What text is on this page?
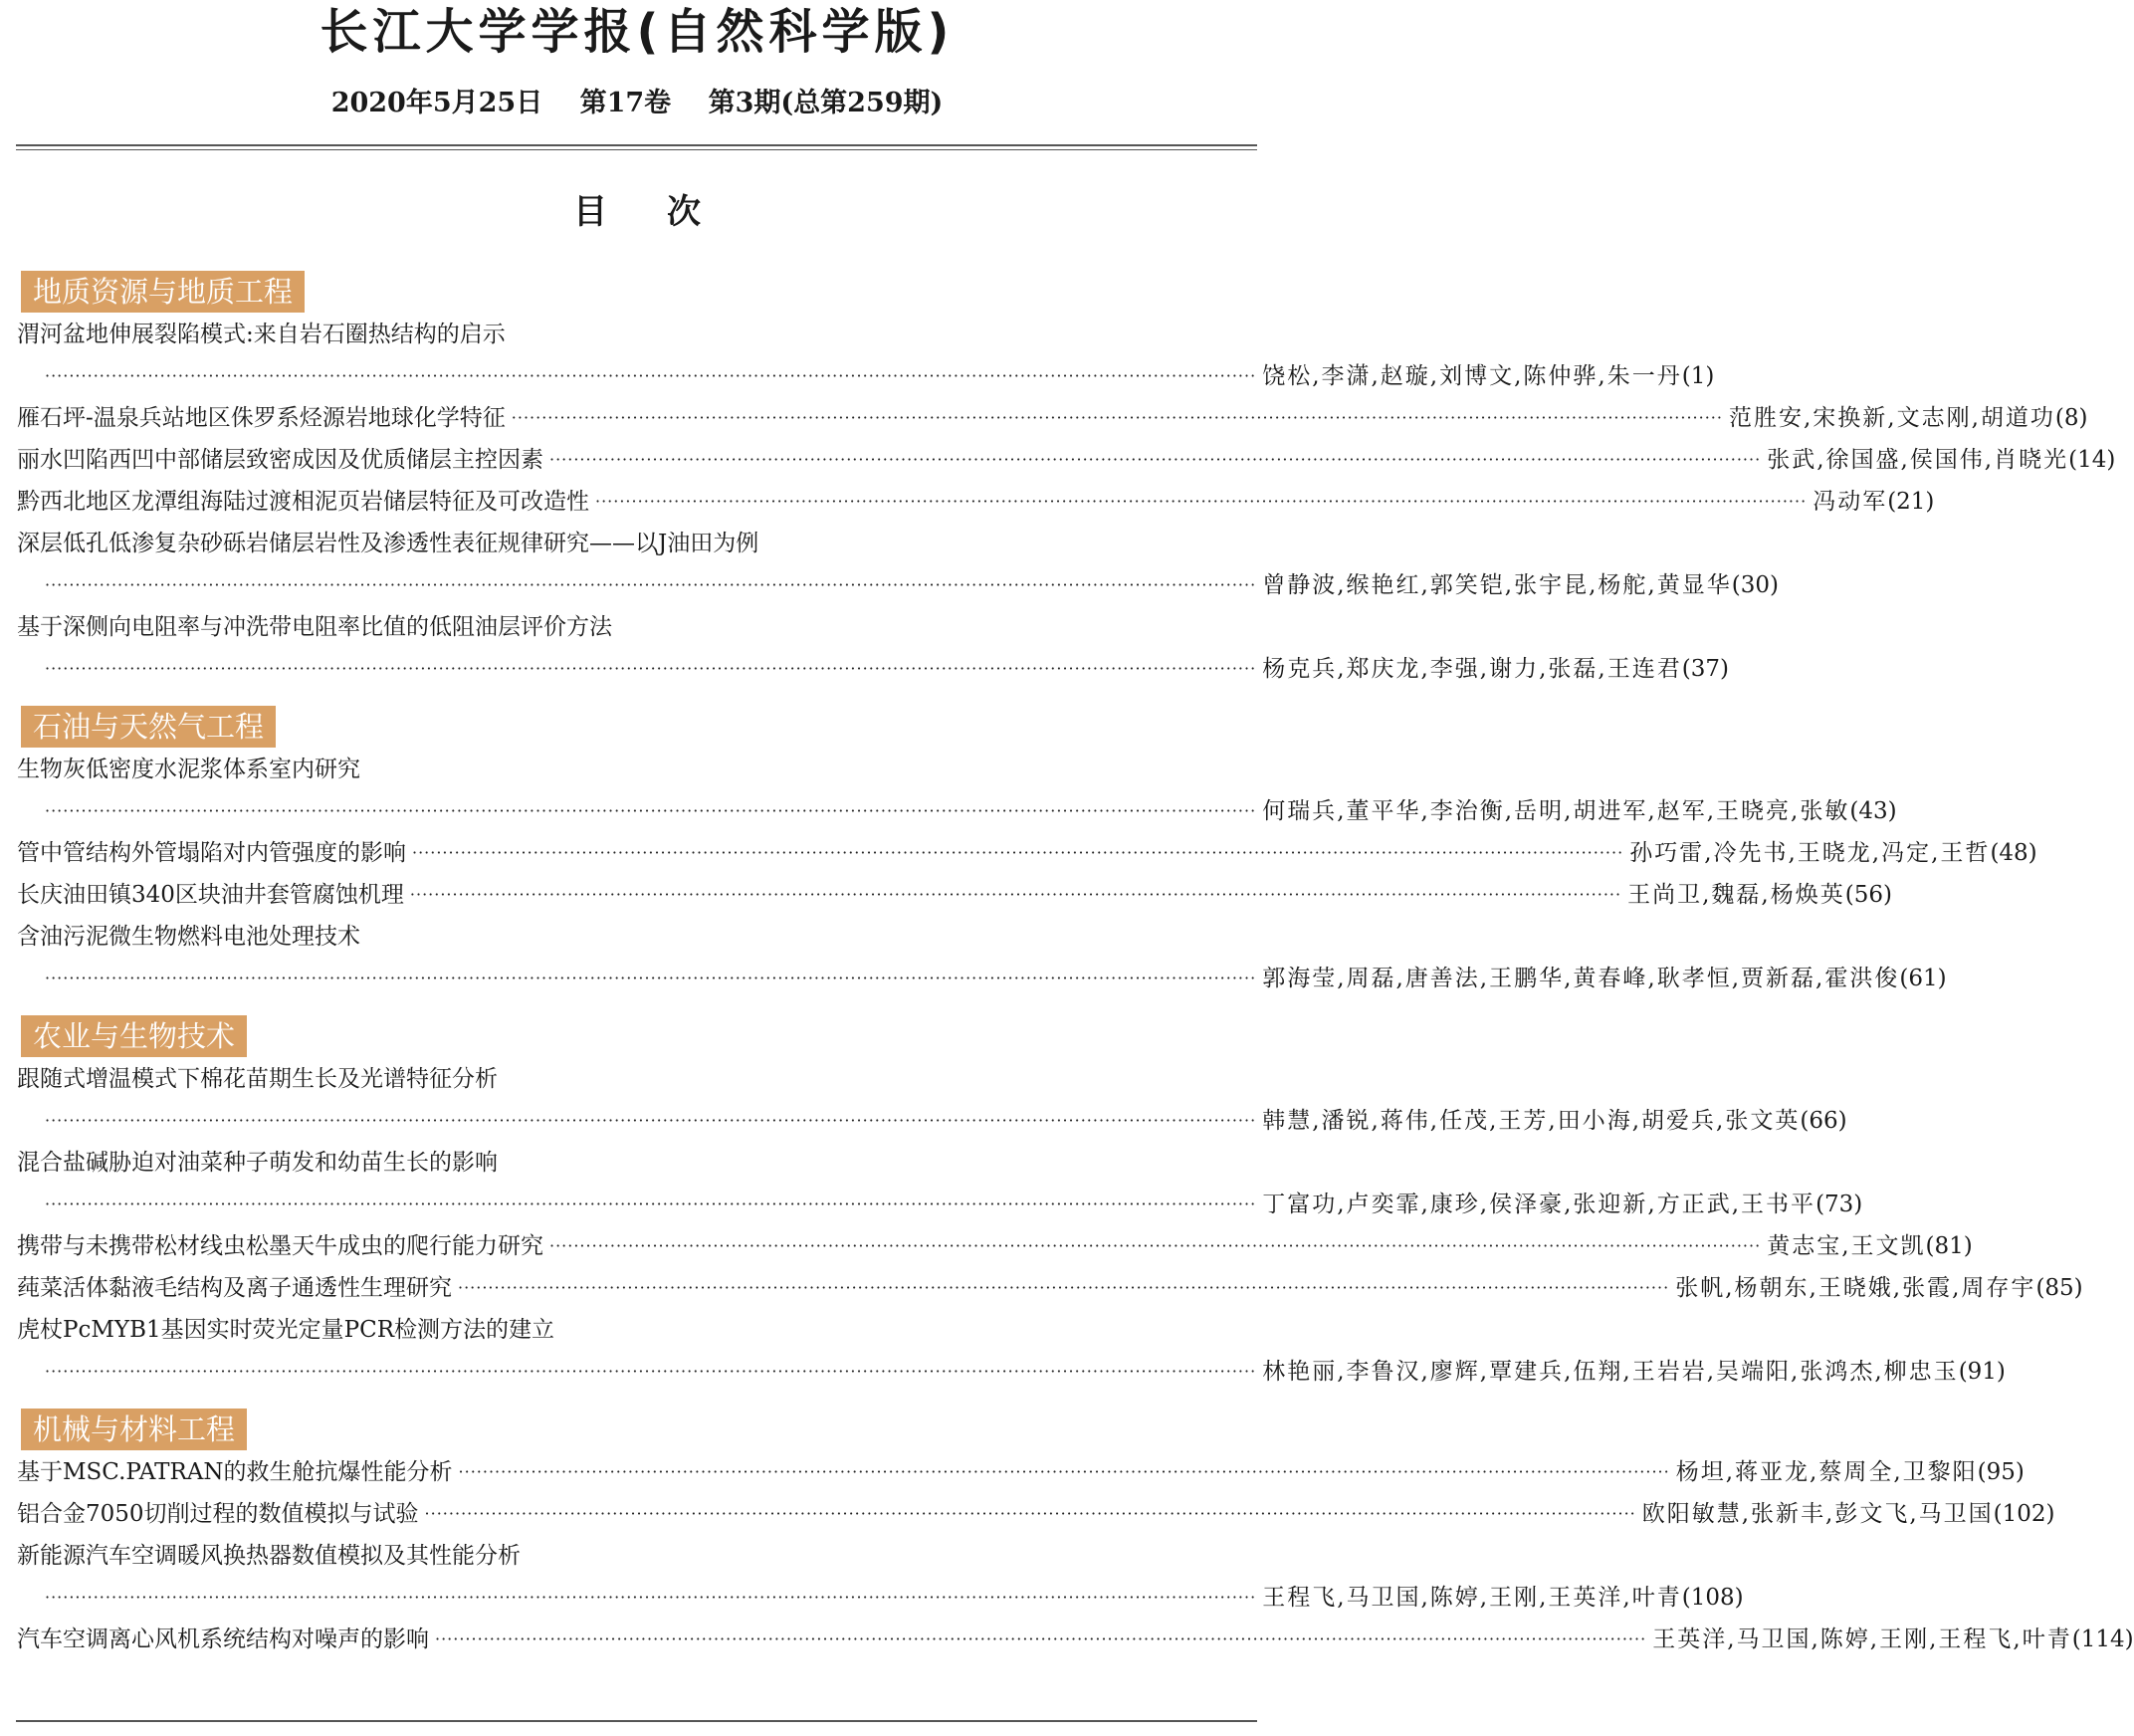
长江大学学报(自然科学版)
2020年5月25日 第17卷 第3期(总第259期)
目次
地质资源与地质工程
渭河盆地伸展裂陷模式:来自岩石圈热结构的启示
········································································································································································································ 饶松,李潇,赵璇,刘博文,陈仲骅,朱一丹 (1)
雁石坪-温泉兵站地区侏罗系烃源岩地球化学特征 ········································································································································································································ 范胜安,宋换新,文志刚,胡道功 (8)
丽水凹陷西凹中部储层致密成因及优质储层主控因素 ········································································································································································································ 张武,徐国盛,侯国伟,肖晓光 (14)
黔西北地区龙潭组海陆过渡相泥页岩储层特征及可改造性 ········································································································································································································ 冯动军 (21)
深层低孔低渗复杂砂砾岩储层岩性及渗透性表征规律研究——以J油田为例
········································································································································································································ 曾静波,缑艳红,郭笑铠,张宇昆,杨舵,黄显华 (30)
基于深侧向电阻率与冲洗带电阻率比值的低阻油层评价方法
········································································································································································································ 杨克兵,郑庆龙,李强,谢力,张磊,王连君 (37)
石油与天然气工程
生物灰低密度水泥浆体系室内研究
········································································································································································································ 何瑞兵,董平华,李治衡,岳明,胡进军,赵军,王晓亮,张敏 (43)
管中管结构外管塌陷对内管强度的影响 ········································································································································································································ 孙巧雷,冷先书,王晓龙,冯定,王哲 (48)
长庆油田镇340区块油井套管腐蚀机理 ········································································································································································································ 王尚卫,魏磊,杨焕英 (56)
含油污泥微生物燃料电池处理技术
········································································································································································································ 郭海莹,周磊,唐善法,王鹏华,黄春峰,耿孝恒,贾新磊,霍洪俊 (61)
农业与生物技术
跟随式增温模式下棉花苗期生长及光谱特征分析
········································································································································································································ 韩慧,潘锐,蒋伟,任茂,王芳,田小海,胡爱兵,张文英 (66)
混合盐碱胁迫对油菜种子萌发和幼苗生长的影响
········································································································································································································ 丁富功,卢奕霏,康珍,侯泽豪,张迎新,方正武,王书平 (73)
携带与未携带松材线虫松墨天牛成虫的爬行能力研究 ········································································································································································································ 黄志宝,王文凯 (81)
莼菜活体黏液毛结构及离子通透性生理研究 ········································································································································································································ 张帆,杨朝东,王晓娥,张霞,周存宇 (85)
虎杖PcMYB1基因实时荧光定量PCR检测方法的建立
········································································································································································································ 林艳丽,李鲁汉,廖辉,覃建兵,伍翔,王岩岩,吴端阳,张鸿杰,柳忠玉 (91)
机械与材料工程
基于MSC.PATRAN的救生舱抗爆性能分析 ········································································································································································································ 杨坦,蒋亚龙,蔡周全,卫黎阳 (95)
铝合金7050切削过程的数值模拟与试验 ········································································································································································································ 欧阳敏慧,张新丰,彭文飞,马卫国 (102)
新能源汽车空调暖风换热器数值模拟及其性能分析
········································································································································································································ 王程飞,马卫国,陈婷,王刚,王英洋,叶青 (108)
汽车空调离心风机系统结构对噪声的影响 ········································································································································································································ 王英洋,马卫国,陈婷,王刚,王程飞,叶青 (114)
